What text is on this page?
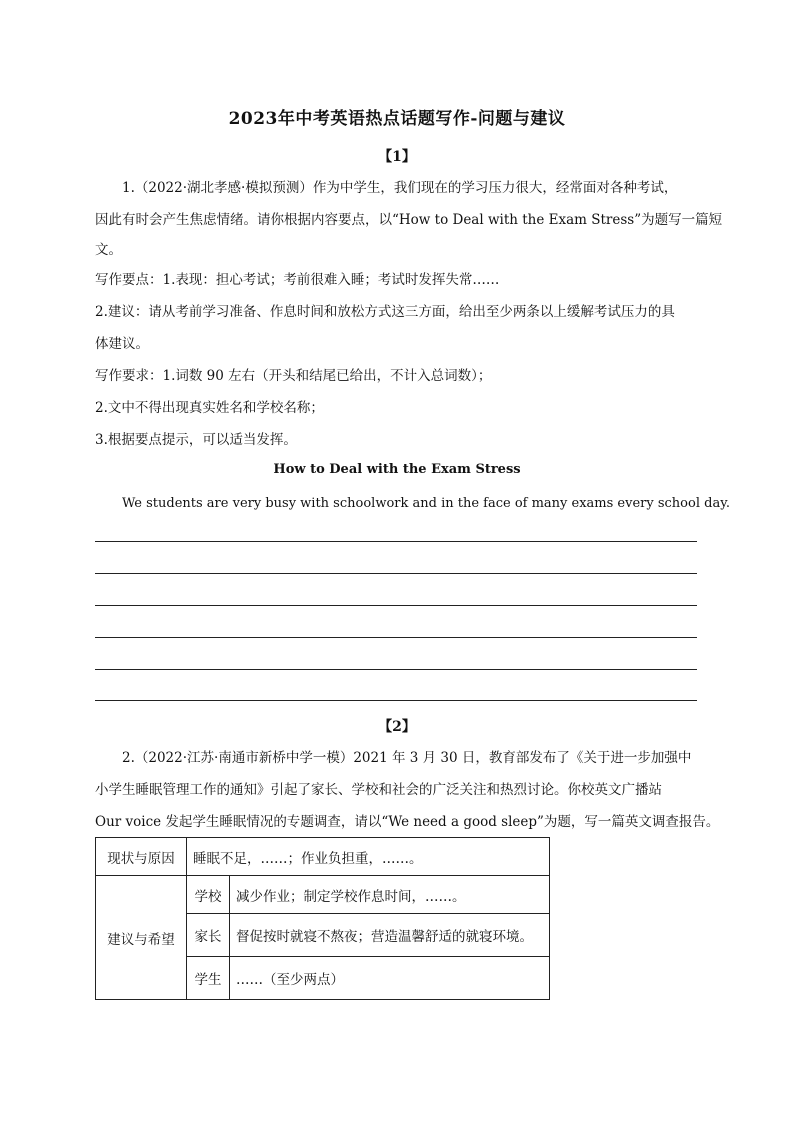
2023年中考英语热点话题写作-问题与建议
【1】
1.（2022·湖北孝感·模拟预测）作为中学生，我们现在的学习压力很大，经常面对各种考试，
因此有时会产生焦虑情绪。请你根据内容要点，以“How to Deal with the Exam Stress”为题写一篇短
文。
写作要点：1.表现：担心考试；考前很难入睡；考试时发挥失常……
2.建议：请从考前学习准备、作息时间和放松方式这三方面，给出至少两条以上缓解考试压力的具
体建议。
写作要求：1.词数 90 左右（开头和结尾已给出，不计入总词数）；
2.文中不得出现真实姓名和学校名称；
3.根据要点提示，可以适当发挥。
How to Deal with the Exam Stress
We students are very busy with schoolwork and in the face of many exams every school day.
【2】
2.（2022·江苏·南通市新桥中学一模）2021 年 3 月 30 日，教育部发布了《关于进一步加强中
小学生睡眠管理工作的通知》引起了家长、学校和社会的广泛关注和热烈讨论。你校英文广播站
Our voice 发起学生睡眠情况的专题调查，请以“We need a good sleep”为题，写一篇英文调查报告。
现状与原因	睡眠不足，……；作业负担重，……。	
建议与希望	学校	减少作业；制定学校作息时间，……。
	家长	督促按时就寝不熬夜；营造温馨舒适的就寝环境。
	学生	……（至少两点）
